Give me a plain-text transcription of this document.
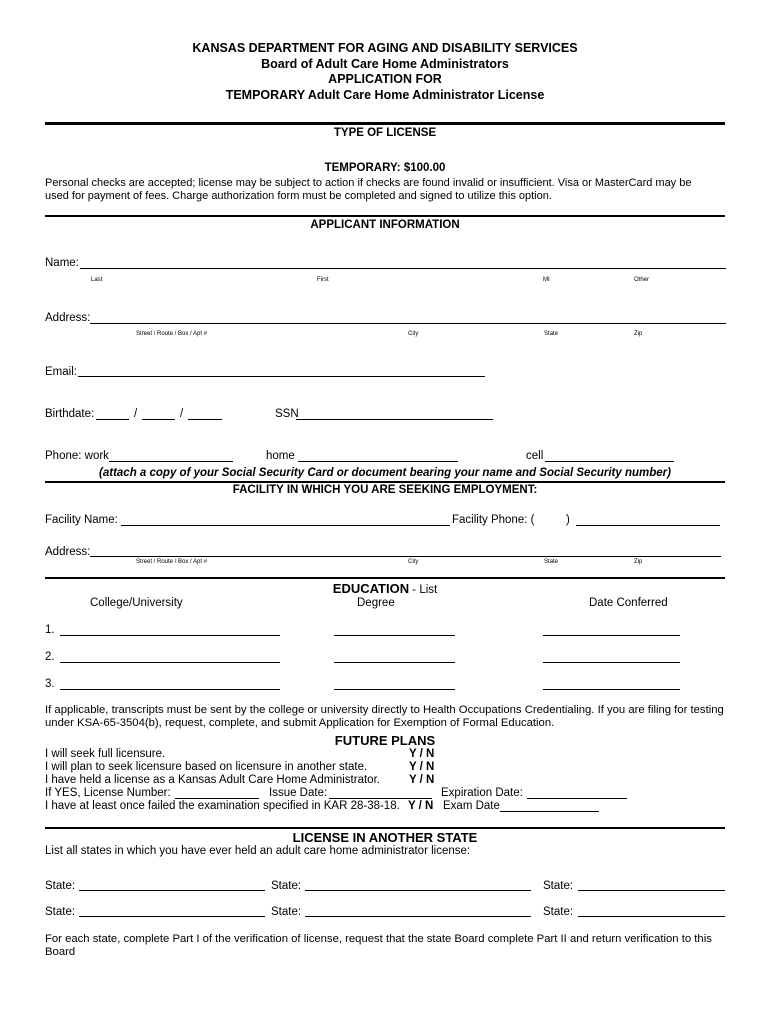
KANSAS DEPARTMENT FOR AGING AND DISABILITY SERVICES
Board of Adult Care Home Administrators
APPLICATION FOR
TEMPORARY Adult Care Home Administrator License
TYPE OF LICENSE
TEMPORARY: $100.00
Personal checks are accepted; license may be subject to action if checks are found invalid or insufficient. Visa or MasterCard may be
used for payment of fees. Charge authorization form must be completed and signed to utilize this option.
APPLICANT INFORMATION
Name:
Last	First	MI	Other
Address:
Street / Route / Box / Apt #	City	State	Zip
Email:
Birthdate:	/	/	SSN
Phone: work	home	cell
(attach a copy of your Social Security Card or document bearing your name and Social Security number)
FACILITY IN WHICH YOU ARE SEEKING EMPLOYMENT:
Facility Name:	Facility Phone: (	)
Address:
Street / Route / Box / Apt #	City	State	Zip
EDUCATION - List
College/University	Degree	Date Conferred
1.
2.
3.
If applicable, transcripts must be sent by the college or university directly to Health Occupations Credentialing. If you are filing for testing under KSA-65-3504(b), request, complete, and submit Application for Exemption of Formal Education.
FUTURE PLANS
I will seek full licensure.	Y / N
I will plan to seek licensure based on licensure in another state.	Y / N
I have held a license as a Kansas Adult Care Home Administrator.	Y / N
If YES, License Number:	Issue Date:	Expiration Date:
I have at least once failed the examination specified in KAR 28-38-18. Y / N Exam Date
LICENSE IN ANOTHER STATE
List all states in which you have ever held an adult care home administrator license:
State:	State:	State:
State:	State:	State:
For each state, complete Part I of the verification of license, request that the state Board complete Part II and return verification to this Board
